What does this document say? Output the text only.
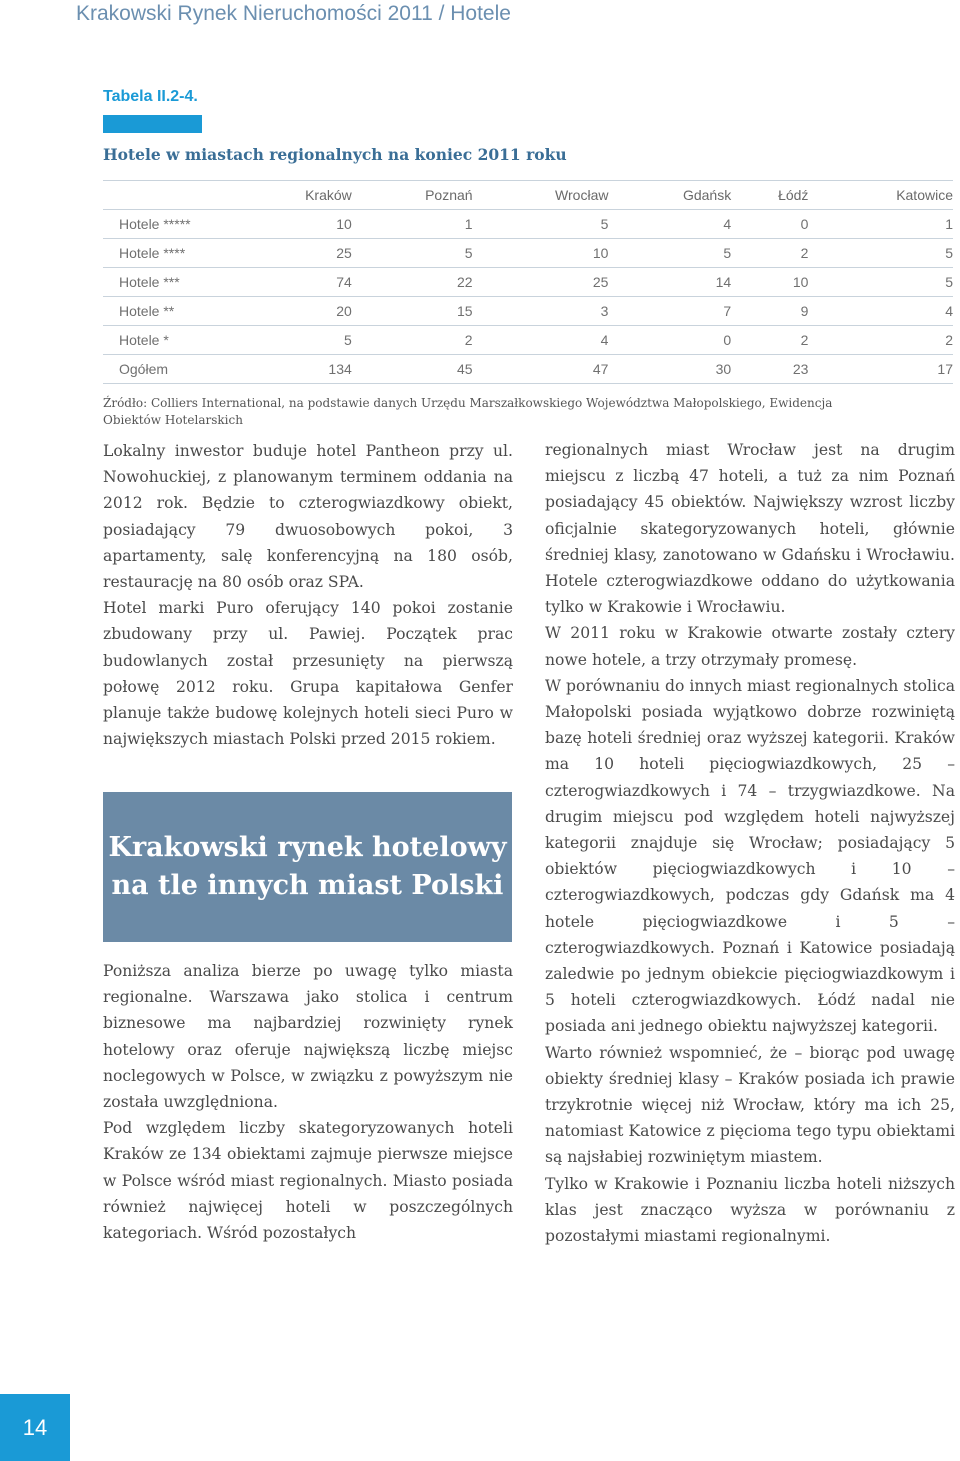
Krakowski Rynek Nieruchomości 2011 / Hotele
Tabela II.2-4.
Hotele w miastach regionalnych na koniec 2011 roku
	Kraków	Poznań	Wrocław	Gdańsk	Łódź	Katowice
Hotele *****	10	1	5	4	0	1
Hotele ****	25	5	10	5	2	5
Hotele ***	74	22	25	14	10	5
Hotele **	20	15	3	7	9	4
Hotele *	5	2	4	0	2	2
Ogółem	134	45	47	30	23	17
Źródło: Colliers International, na podstawie danych Urzędu Marszałkowskiego Województwa Małopolskiego, Ewidencja Obiektów Hotelarskich

Lokalny inwestor buduje hotel Pantheon przy ul. Nowohuckiej, z planowanym terminem oddania na 2012 rok. Będzie to czterogwiazdkowy obiekt, posiadający 79 dwuosobowych pokoi, 3 apartamenty, salę konferencyjną na 180 osób, restaurację na 80 osób oraz SPA.

Hotel marki Puro oferujący 140 pokoi zostanie zbudowany przy ul. Pawiej. Początek prac budowlanych został przesunięty na pierwszą połowę 2012 roku. Grupa kapitałowa Genfer planuje także budowę kolejnych hoteli sieci Puro w największych miastach Polski przed 2015 rokiem.

Krakowski rynek hotelowy na tle innych miast Polski

Poniższa analiza bierze po uwagę tylko miasta regionalne. Warszawa jako stolica i centrum biznesowe ma najbardziej rozwinięty rynek hotelowy oraz oferuje największą liczbę miejsc noclegowych w Polsce, w związku z powyższym nie została uwzględniona.

Pod względem liczby skategoryzowanych hoteli Kraków ze 134 obiektami zajmuje pierwsze miejsce w Polsce wśród miast regionalnych. Miasto posiada również najwięcej hoteli w poszczególnych kategoriach. Wśród pozostałych

regionalnych miast Wrocław jest na drugim miejscu z liczbą 47 hoteli, a tuż za nim Poznań posiadający 45 obiektów. Największy wzrost liczby oficjalnie skategoryzowanych hoteli, głównie średniej klasy, zanotowano w Gdańsku i Wrocławiu. Hotele czterogwiazdkowe oddano do użytkowania tylko w Krakowie i Wrocławiu.

W 2011 roku w Krakowie otwarte zostały cztery nowe hotele, a trzy otrzymały promesę.

W porównaniu do innych miast regionalnych stolica Małopolski posiada wyjątkowo dobrze rozwiniętą bazę hoteli średniej oraz wyższej kategorii. Kraków ma 10 hoteli pięciogwiazdkowych, 25 – czterogwiazdkowych i 74 – trzygwiazdkowe. Na drugim miejscu pod względem hoteli najwyższej kategorii znajduje się Wrocław; posiadający 5 obiektów pięciogwiazdkowych i 10 – czterogwiazdkowych, podczas gdy Gdańsk ma 4 hotele pięciogwiazdkowe i 5 – czterogwiazdkowych. Poznań i Katowice posiadają zaledwie po jednym obiekcie pięciogwiazdkowym i 5 hoteli czterogwiazdkowych. Łódź nadal nie posiada ani jednego obiektu najwyższej kategorii.

Warto również wspomnieć, że – biorąc pod uwagę obiekty średniej klasy – Kraków posiada ich prawie trzykrotnie więcej niż Wrocław, który ma ich 25, natomiast Katowice z pięcioma tego typu obiektami są najsłabiej rozwiniętym miastem.

Tylko w Krakowie i Poznaniu liczba hoteli niższych klas jest znacząco wyższa w porównaniu z pozostałymi miastami regionalnymi.

14
